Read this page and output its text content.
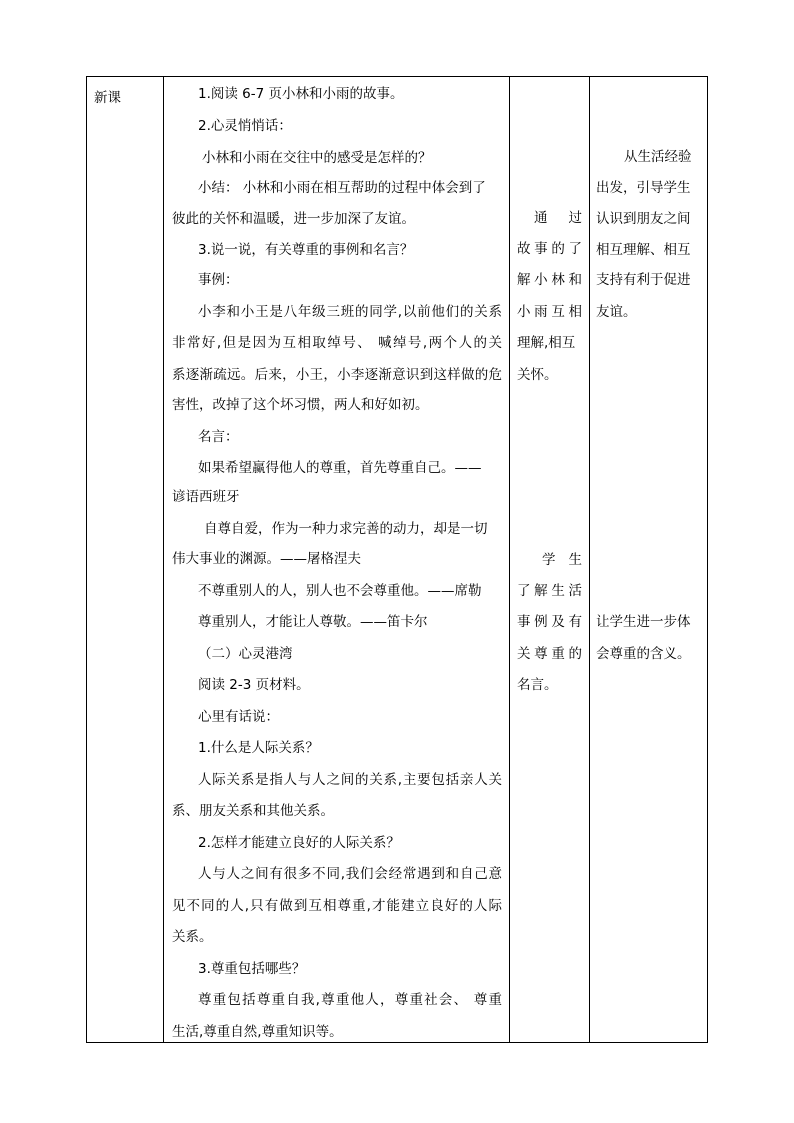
新课	1.阅读 6-7 页小林和小雨的故事。
2.心灵悄悄话：
小林和小雨在交往中的感受是怎样的？
小结： 小林和小雨在相互帮助的过程中体会到了
彼此的关怀和温暖，进一步加深了友谊。
3.说一说，有关尊重的事例和名言？
事例：
小李和小王是八年级三班的同学,以前他们的关系
非常好,但是因为互相取绰号、 喊绰号,两个人的关
系逐渐疏远。后来，小王，小李逐渐意识到这样做的危
害性，改掉了这个坏习惯，两人和好如初。
名言：
如果希望赢得他人的尊重，首先尊重自己。——
谚语西班牙
自尊自爱，作为一种力求完善的动力，却是一切
伟大事业的渊源。——屠格涅夫
不尊重别人的人，别人也不会尊重他。——席勒
尊重别人，才能让人尊敬。——笛卡尔
（二）心灵港湾
阅读 2-3 页材料。
心里有话说：
1.什么是人际关系？
人际关系是指人与人之间的关系,主要包括亲人关
系、朋友关系和其他关系。
2.怎样才能建立良好的人际关系？
人与人之间有很多不同,我们会经常遇到和自己意
见不同的人,只有做到互相尊重,才能建立良好的人际
关系。
3.尊重包括哪些？
尊重包括尊重自我,尊重他人，尊重社会、 尊重
生活,尊重自然,尊重知识等。
通 过
故事的了
解小林和
小雨互相
理解,相互
关怀。
学 生
了解生活
事例及有
关尊重的
名言。
从生活经验
出发，引导学生
认识到朋友之间
相互理解、相互
支持有利于促进
友谊。
让学生进一步体
会尊重的含义。
